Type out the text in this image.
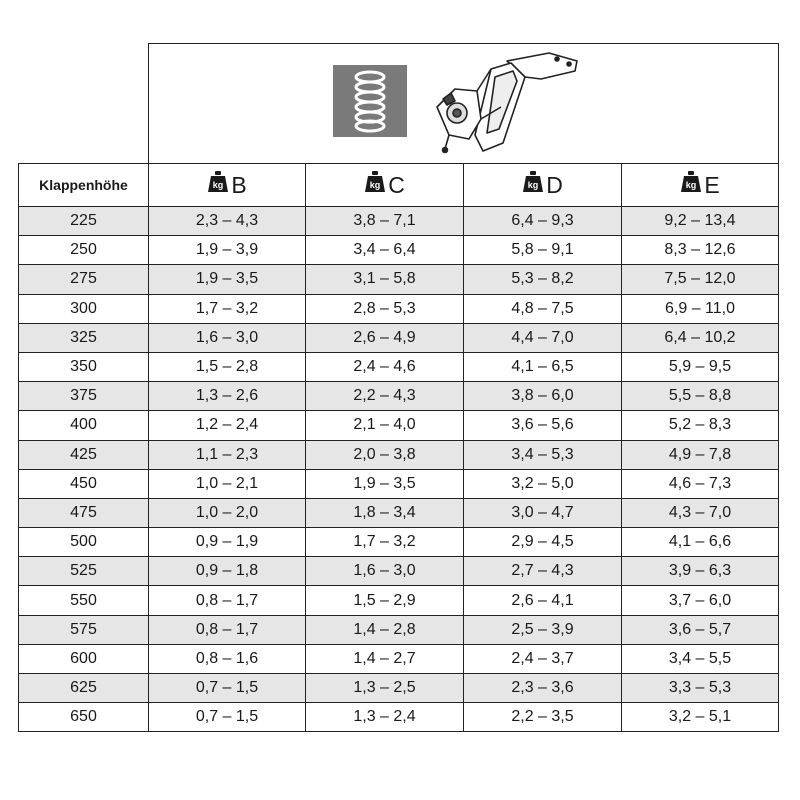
Klappenhöhe	kg B	kg C	kg D	kg E

225	2,3 – 4,3	3,8 – 7,1	6,4 – 9,3	9,2 – 13,4
250	1,9 – 3,9	3,4 – 6,4	5,8 – 9,1	8,3 – 12,6
275	1,9 – 3,5	3,1 – 5,8	5,3 – 8,2	7,5 – 12,0
300	1,7 – 3,2	2,8 – 5,3	4,8 – 7,5	6,9 – 11,0
325	1,6 – 3,0	2,6 – 4,9	4,4 – 7,0	6,4 – 10,2
350	1,5 – 2,8	2,4 – 4,6	4,1 – 6,5	5,9 – 9,5
375	1,3 – 2,6	2,2 – 4,3	3,8 – 6,0	5,5 – 8,8
400	1,2 – 2,4	2,1 – 4,0	3,6 – 5,6	5,2 – 8,3
425	1,1 – 2,3	2,0 – 3,8	3,4 – 5,3	4,9 – 7,8
450	1,0 – 2,1	1,9 – 3,5	3,2 – 5,0	4,6 – 7,3
475	1,0 – 2,0	1,8 – 3,4	3,0 – 4,7	4,3 – 7,0
500	0,9 – 1,9	1,7 – 3,2	2,9 – 4,5	4,1 – 6,6
525	0,9 – 1,8	1,6 – 3,0	2,7 – 4,3	3,9 – 6,3
550	0,8 – 1,7	1,5 – 2,9	2,6 – 4,1	3,7 – 6,0
575	0,8 – 1,7	1,4 – 2,8	2,5 – 3,9	3,6 – 5,7
600	0,8 – 1,6	1,4 – 2,7	2,4 – 3,7	3,4 – 5,5
625	0,7 – 1,5	1,3 – 2,5	2,3 – 3,6	3,3 – 5,3
650	0,7 – 1,5	1,3 – 2,4	2,2 – 3,5	3,2 – 5,1
